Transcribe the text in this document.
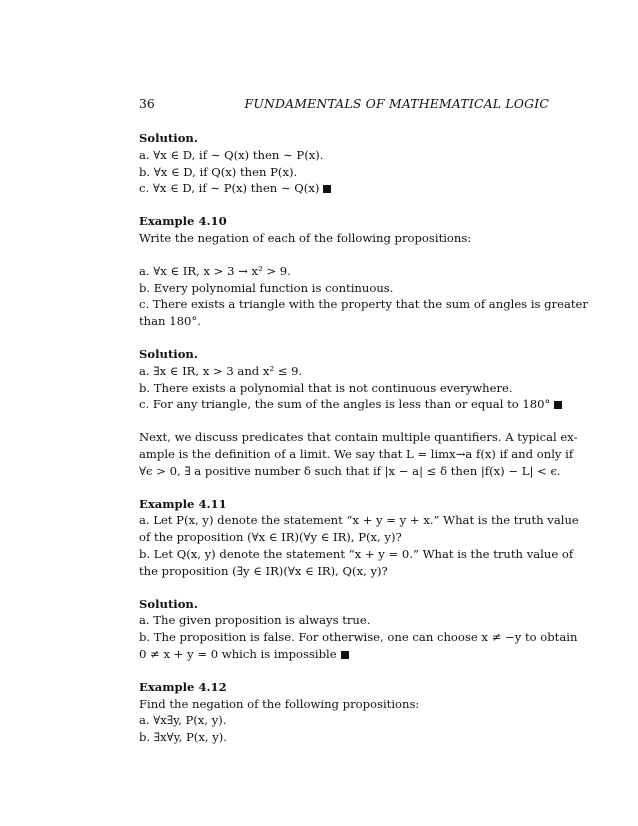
36	FUNDAMENTALS OF MATHEMATICAL LOGIC
Solution.
a. ∀x ∈ D, if ∼ Q(x) then ∼ P(x).
b. ∀x ∈ D, if Q(x) then P(x).
c. ∀x ∈ D, if ∼ P(x) then ∼ Q(x)
Example 4.10
Write the negation of each of the following propositions:
a. ∀x ∈ IR, x > 3 → x² > 9.
b. Every polynomial function is continuous.
c. There exists a triangle with the property that the sum of angles is greater
than 180°.
Solution.
a. ∃x ∈ IR, x > 3 and x² ≤ 9.
b. There exists a polynomial that is not continuous everywhere.
c. For any triangle, the sum of the angles is less than or equal to 180°
Next, we discuss predicates that contain multiple quantifiers. A typical ex-
ample is the definition of a limit. We say that L = limx→a f(x) if and only if
∀ϵ > 0, ∃ a positive number δ such that if |x − a| ≤ δ then |f(x) − L| < ϵ.
Example 4.11
a. Let P(x, y) denote the statement “x + y = y + x.” What is the truth value
of the proposition (∀x ∈ IR)(∀y ∈ IR), P(x, y)?
b. Let Q(x, y) denote the statement “x + y = 0.” What is the truth value of
the proposition (∃y ∈ IR)(∀x ∈ IR), Q(x, y)?
Solution.
a. The given proposition is always true.
b. The proposition is false. For otherwise, one can choose x ≠ −y to obtain
0 ≠ x + y = 0 which is impossible
Example 4.12
Find the negation of the following propositions:
a. ∀x∃y, P(x, y).
b. ∃x∀y, P(x, y).
